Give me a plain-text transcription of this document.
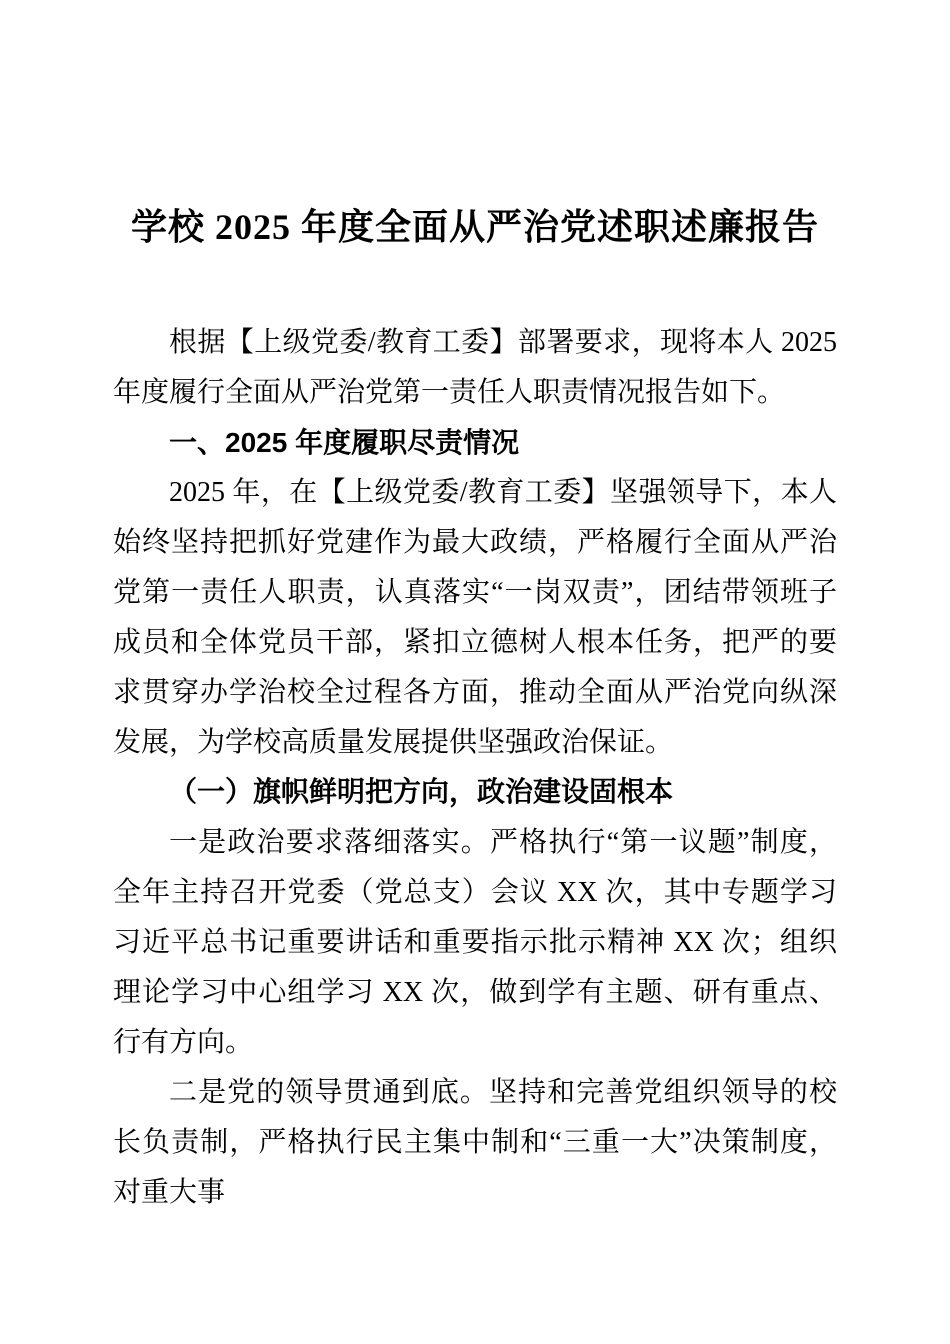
学校 2025 年度全面从严治党述职述廉报告

根据【上级党委/教育工委】部署要求，现将本人 2025 年度履行全面从严治党第一责任人职责情况报告如下。

一、2025 年度履职尽责情况

2025 年，在【上级党委/教育工委】坚强领导下，本人始终坚持把抓好党建作为最大政绩，严格履行全面从严治党第一责任人职责，认真落实“一岗双责”，团结带领班子成员和全体党员干部，紧扣立德树人根本任务，把严的要求贯穿办学治校全过程各方面，推动全面从严治党向纵深发展，为学校高质量发展提供坚强政治保证。

（一）旗帜鲜明把方向，政治建设固根本

一是政治要求落细落实。严格执行“第一议题”制度，全年主持召开党委（党总支）会议 XX 次，其中专题学习习近平总书记重要讲话和重要指示批示精神 XX 次；组织理论学习中心组学习 XX 次，做到学有主题、研有重点、行有方向。

二是党的领导贯通到底。坚持和完善党组织领导的校长负责制，严格执行民主集中制和“三重一大”决策制度，对重大事
